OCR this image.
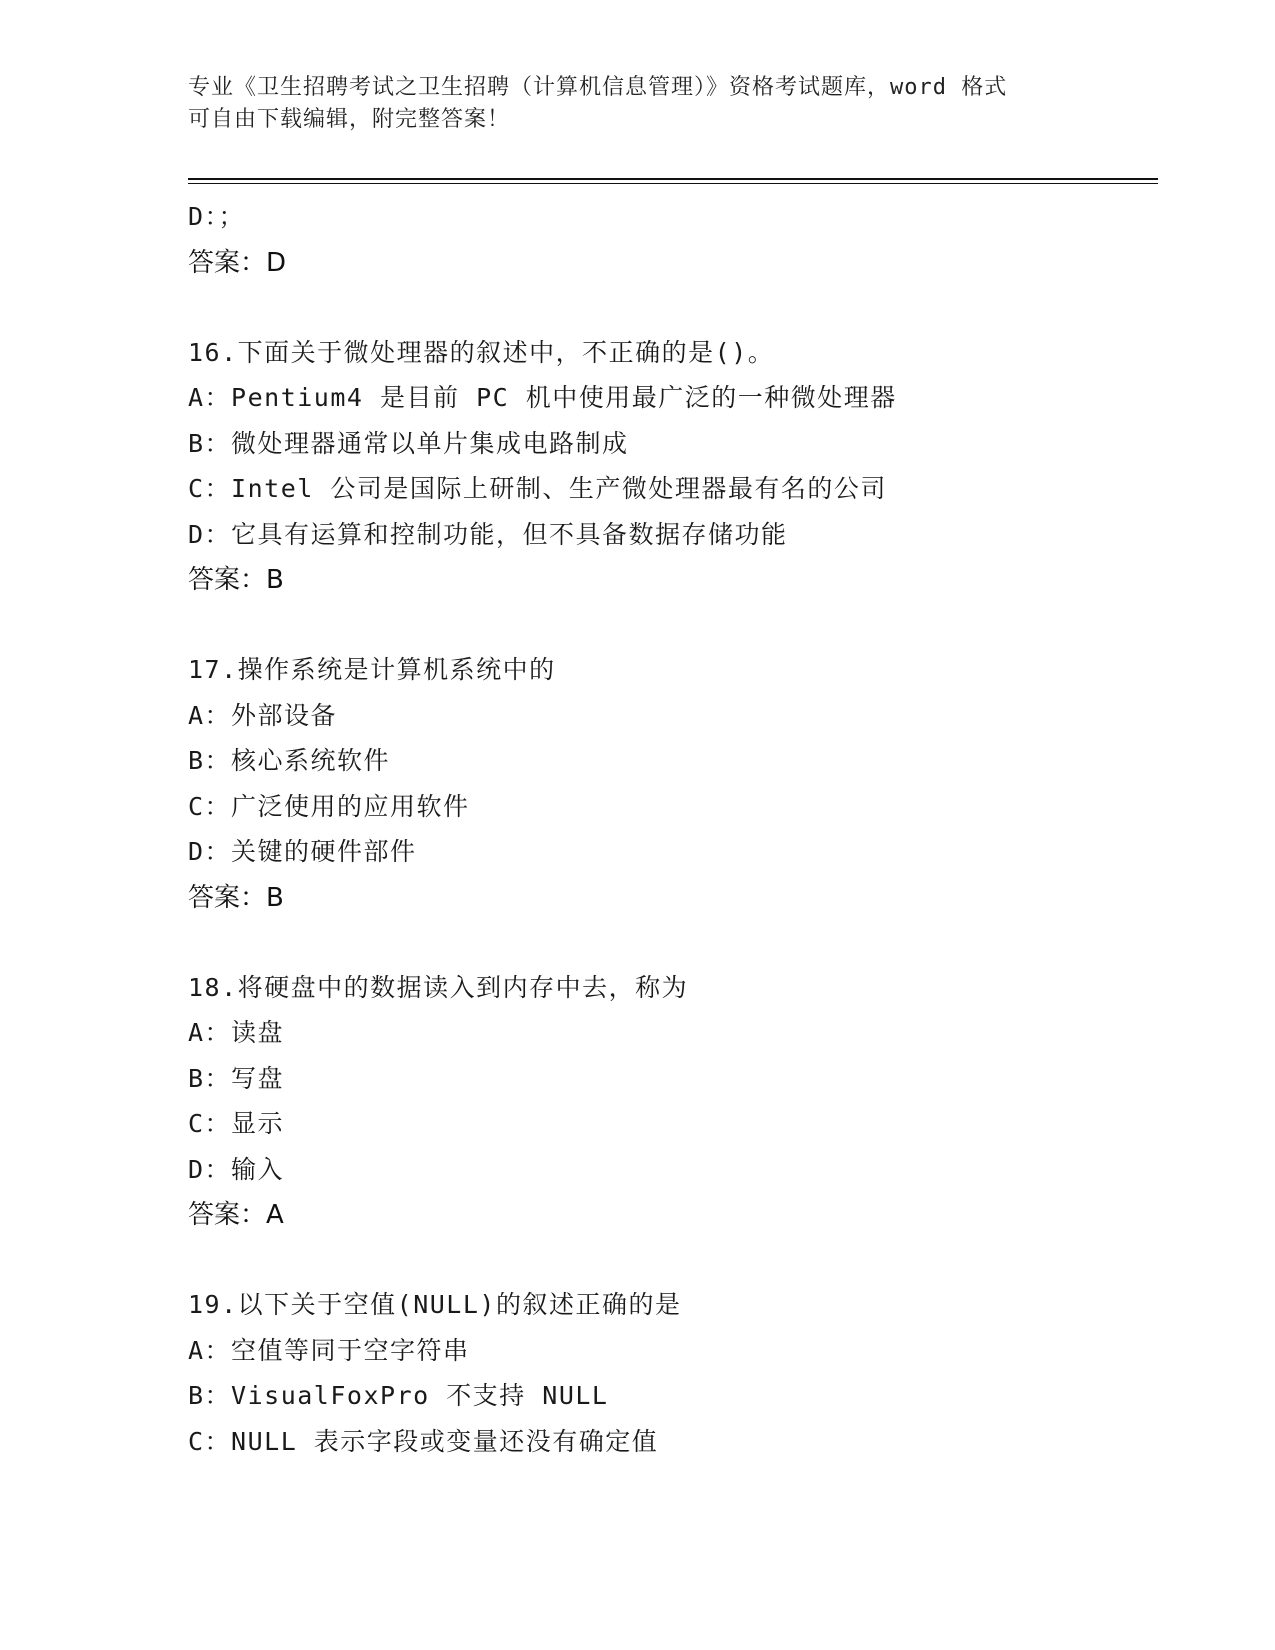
专业《卫生招聘考试之卫生招聘（计算机信息管理）》资格考试题库，word 格式
可自由下载编辑，附完整答案！
D：；
答案：D
16.下面关于微处理器的叙述中，不正确的是()。
A：Pentium4 是目前 PC 机中使用最广泛的一种微处理器
B：微处理器通常以单片集成电路制成
C：Intel 公司是国际上研制、生产微处理器最有名的公司
D：它具有运算和控制功能，但不具备数据存储功能
答案：B
17.操作系统是计算机系统中的
A：外部设备
B：核心系统软件
C：广泛使用的应用软件
D：关键的硬件部件
答案：B
18.将硬盘中的数据读入到内存中去，称为
A：读盘
B：写盘
C：显示
D：输入
答案：A
19.以下关于空值(NULL)的叙述正确的是
A：空值等同于空字符串
B：VisualFoxPro 不支持 NULL
C：NULL 表示字段或变量还没有确定值
